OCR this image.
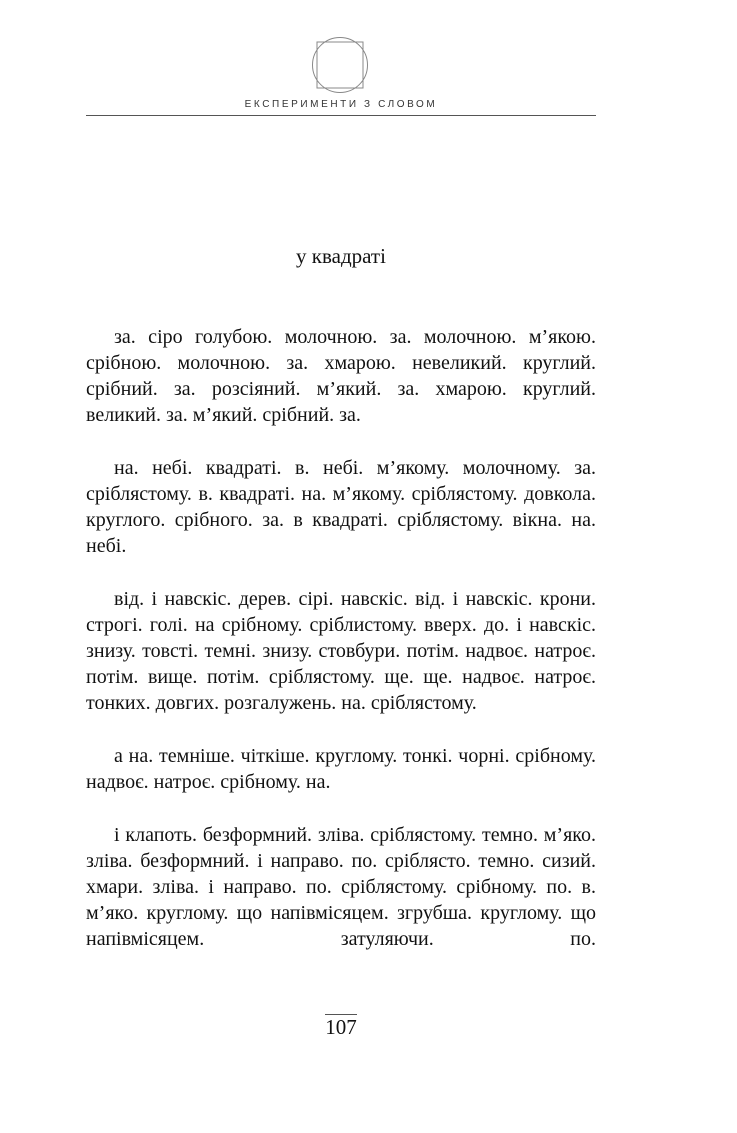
ЕКСПЕРИМЕНТИ З СЛОВОМ
у квадраті

за. сіро голубою. молочною. за. молочною. м’якою. срібною. молочною. за. хмарою. невеликий. круглий. срібний. за. розсіяний. м’який. за. хмарою. круглий. великий. за. м’який. срібний. за.

на. небі. квадраті. в. небі. м’якому. молочному. за. сріблястому. в. квадраті. на. м’якому. сріблястому. довкола. круглого. срібного. за. в квадраті. сріблястому. вікна. на. небі.

від. і навскіс. дерев. сірі. навскіс. від. і навскіс. крони. строгі. голі. на срібному. сріблистому. вверх. до. і навскіс. знизу. товсті. темні. знизу. стовбури. потім. надвоє. натроє. потім. вище. потім. сріблястому. ще. ще. надвоє. натроє. тонких. довгих. розгалужень. на. сріблястому.

а на. темніше. чіткіше. круглому. тонкі. чорні. срібному. надвоє. натроє. срібному. на.

і клапоть. безформний. зліва. сріблястому. темно. м’яко. зліва. безформний. і направо. по. сріблясто. темно. сизий. хмари. зліва. і направо. по. сріблястому. срібному. по. в. м’яко. круглому. що напівмісяцем. згрубша. круглому. що напівмісяцем. затуляючи. по.

107
